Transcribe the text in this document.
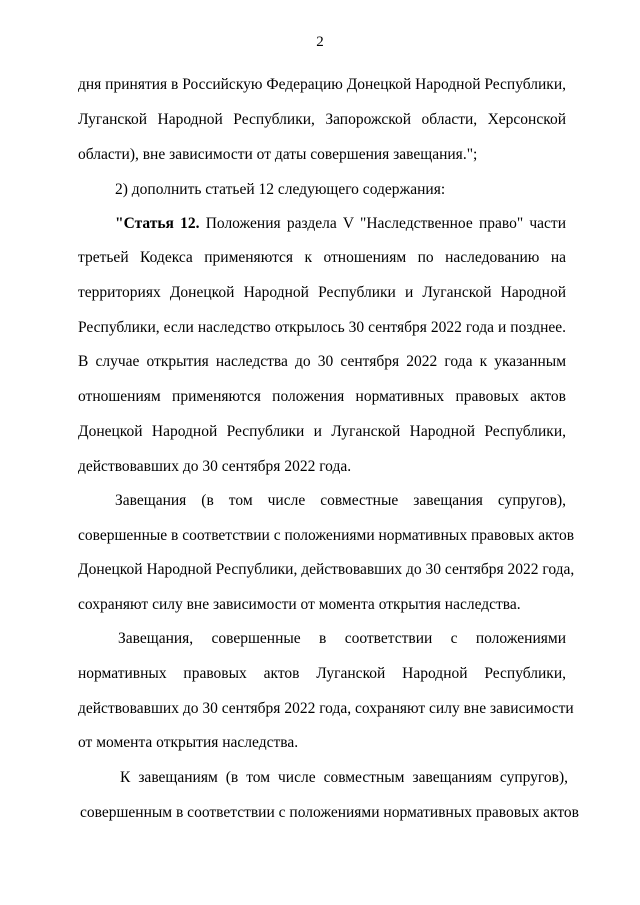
2
дня принятия в Российскую Федерацию Донецкой Народной Республики,
Луганской Народной Республики, Запорожской области, Херсонской
области), вне зависимости от даты совершения завещания.";
2) дополнить статьей 12 следующего содержания:
"Статья 12. Положения раздела V "Наследственное право" части
третьей Кодекса применяются к отношениям по наследованию на
территориях Донецкой Народной Республики и Луганской Народной
Республики, если наследство открылось 30 сентября 2022 года и позднее.
В случае открытия наследства до 30 сентября 2022 года к указанным
отношениям применяются положения нормативных правовых актов
Донецкой Народной Республики и Луганской Народной Республики,
действовавших до 30 сентября 2022 года.
Завещания (в том числе совместные завещания супругов),
совершенные в соответствии с положениями нормативных правовых актов
Донецкой Народной Республики, действовавших до 30 сентября 2022 года,
сохраняют силу вне зависимости от момента открытия наследства.
Завещания, совершенные в соответствии с положениями
нормативных правовых актов Луганской Народной Республики,
действовавших до 30 сентября 2022 года, сохраняют силу вне зависимости
от момента открытия наследства.
К завещаниям (в том числе совместным завещаниям супругов),
совершенным в соответствии с положениями нормативных правовых актов
